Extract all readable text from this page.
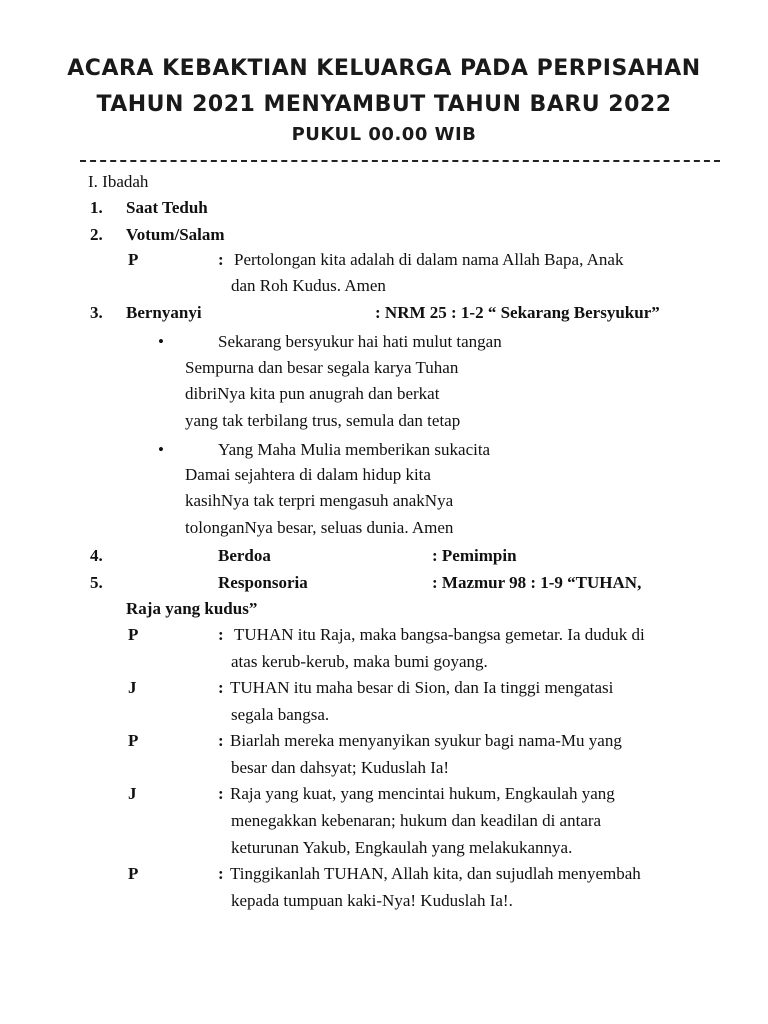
ACARA KEBAKTIAN KELUARGA PADA PERPISAHAN
TAHUN 2021 MENYAMBUT TAHUN BARU 2022
PUKUL 00.00 WIB
I. Ibadah
1. Saat Teduh
2. Votum/Salam
P	: Pertolongan kita adalah di dalam nama Allah Bapa, Anak
dan Roh Kudus. Amen
3. Bernyanyi	: NRM 25 : 1-2 “ Sekarang Bersyukur”
•	Sekarang bersyukur hai hati mulut tangan
Sempurna dan besar segala karya Tuhan
dibriNya kita pun anugrah dan berkat
yang tak terbilang trus, semula dan tetap
•	Yang Maha Mulia memberikan sukacita
Damai sejahtera di dalam hidup kita
kasihNya tak terpri mengasuh anakNya
tolonganNya besar, seluas dunia. Amen
4.	Berdoa	: Pemimpin
5.	Responsoria	: Mazmur 98 : 1-9 “TUHAN,
Raja yang kudus”
P	: TUHAN itu Raja, maka bangsa-bangsa gemetar. Ia duduk di
atas kerub-kerub, maka bumi goyang.
J	: TUHAN itu maha besar di Sion, dan Ia tinggi mengatasi
segala bangsa.
P	: Biarlah mereka menyanyikan syukur bagi nama-Mu yang
besar dan dahsyat; Kuduslah Ia!
J	: Raja yang kuat, yang mencintai hukum, Engkaulah yang
menegakkan kebenaran; hukum dan keadilan di antara
keturunan Yakub, Engkaulah yang melakukannya.
P	: Tinggikanlah TUHAN, Allah kita, dan sujudlah menyembah
kepada tumpuan kaki-Nya! Kuduslah Ia!.
